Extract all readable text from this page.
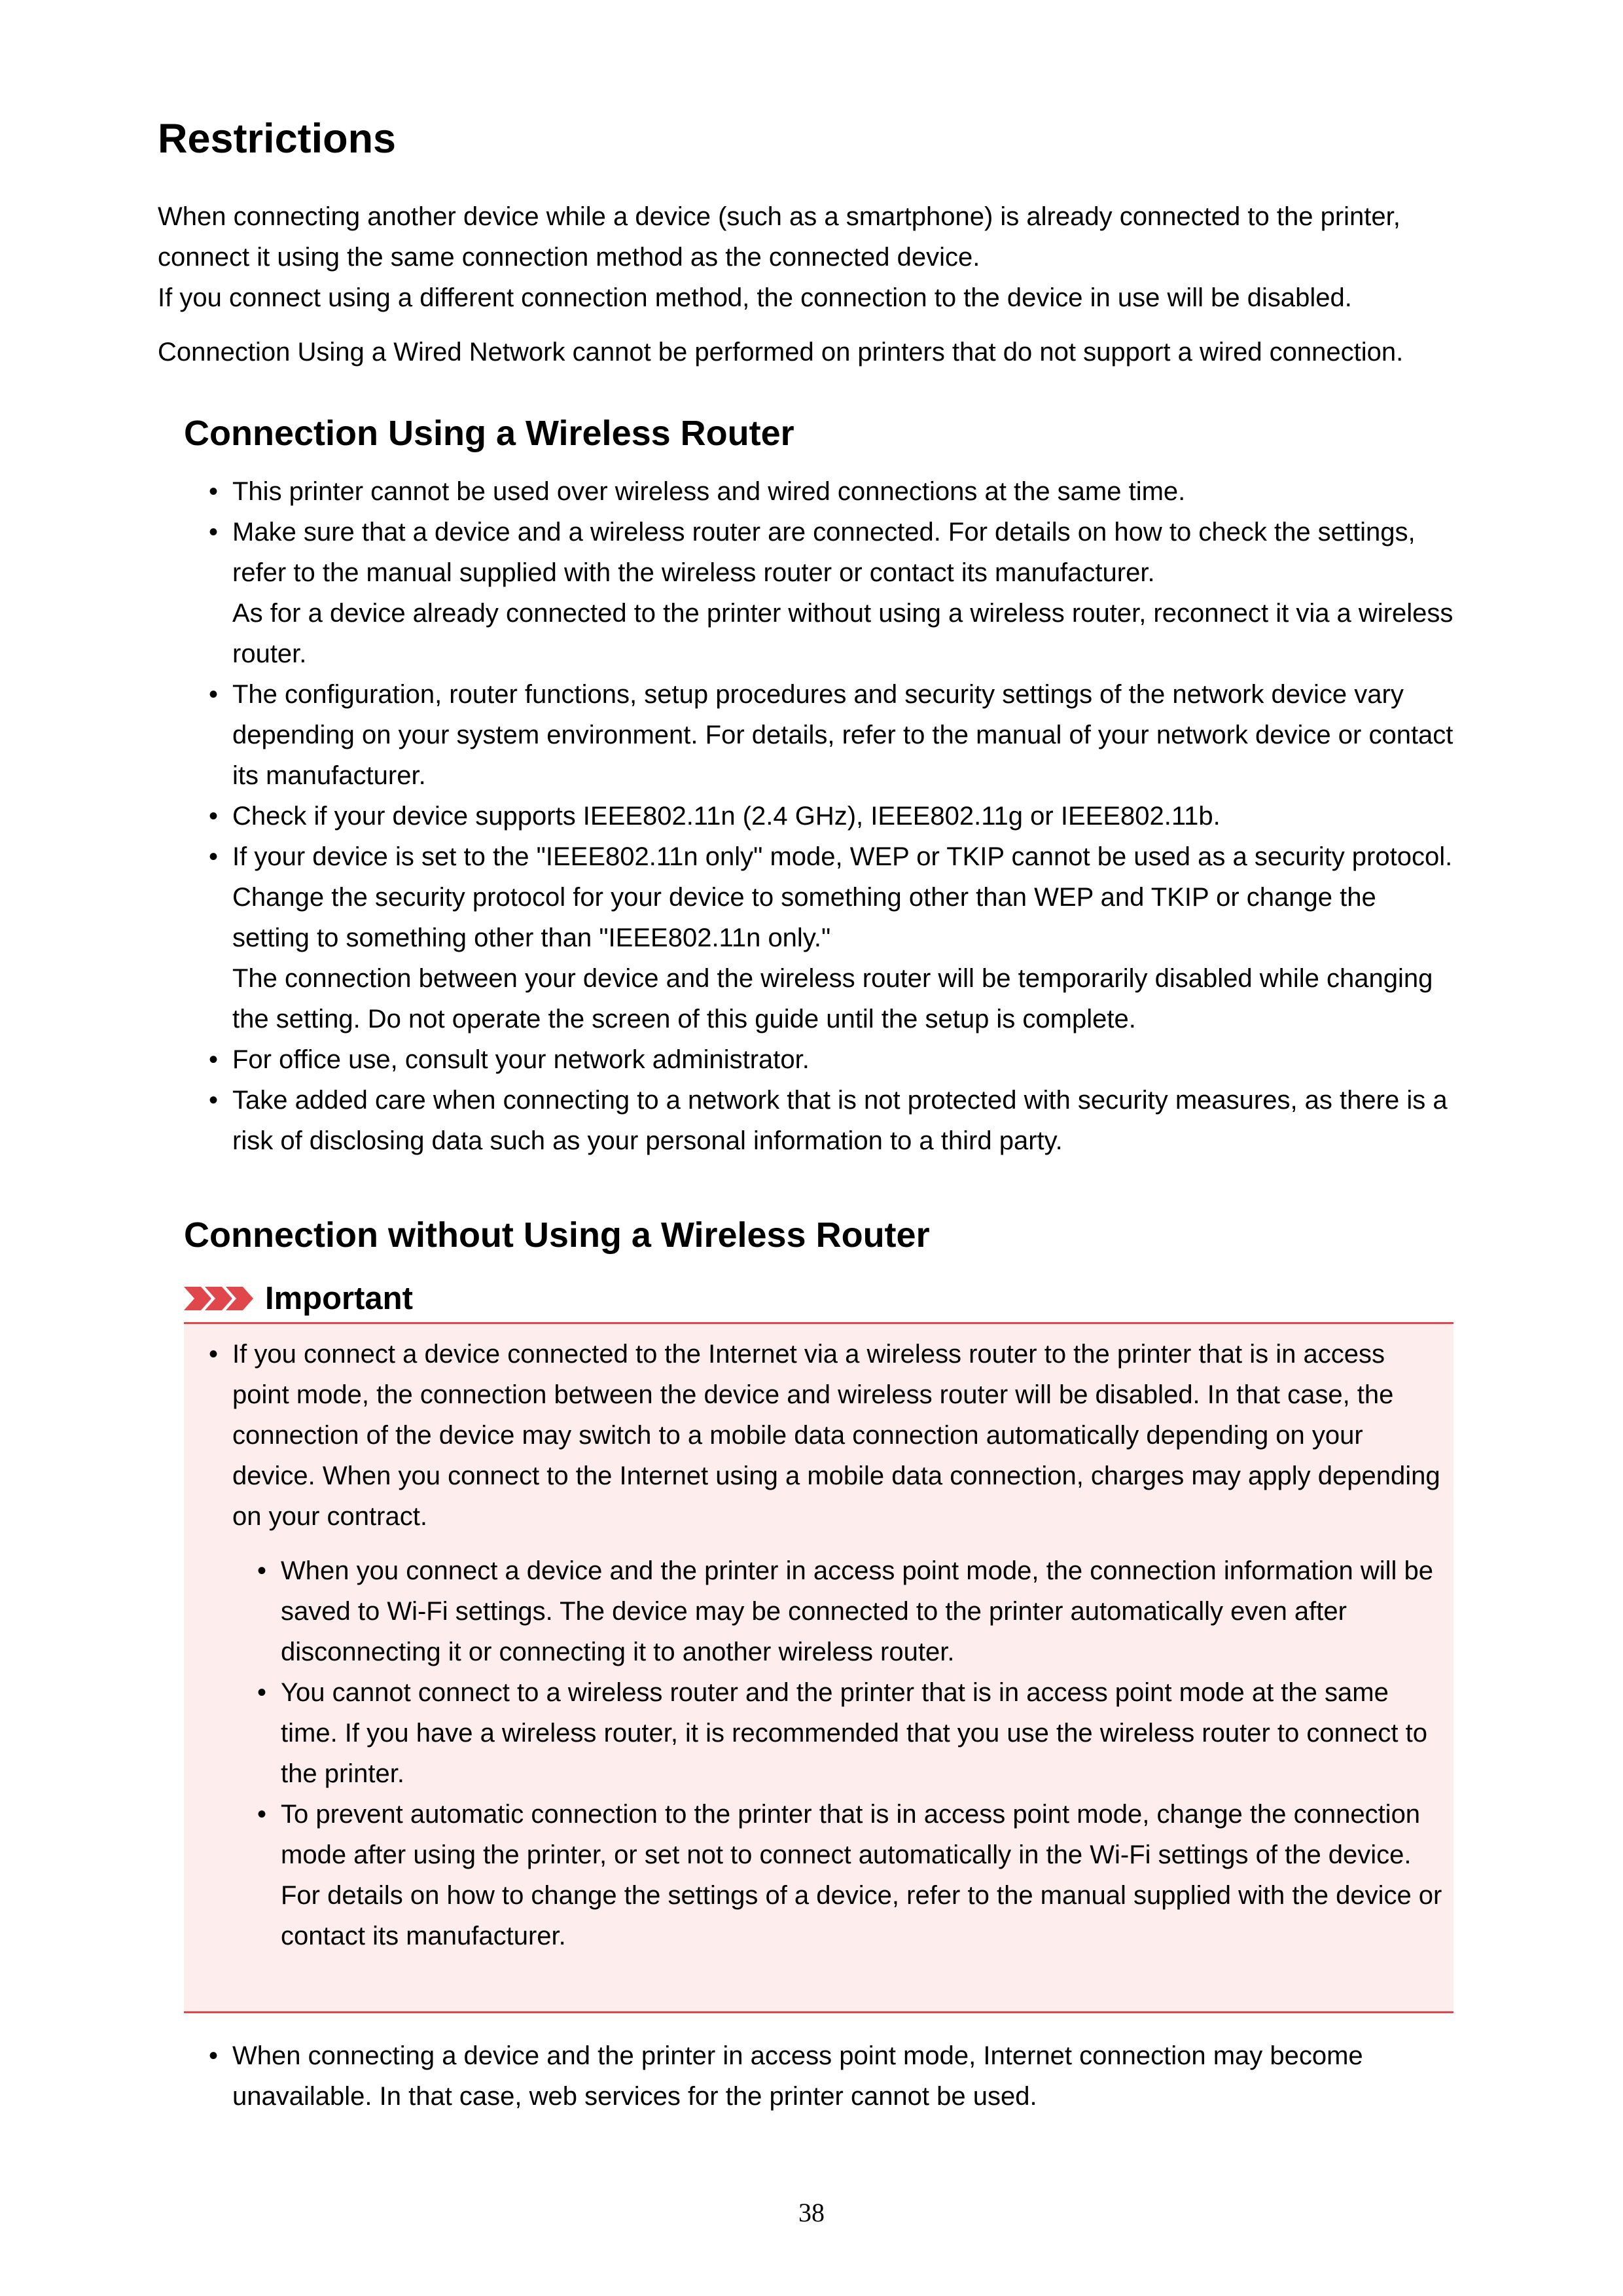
Restrictions

When connecting another device while a device (such as a smartphone) is already connected to the printer, connect it using the same connection method as the connected device.

If you connect using a different connection method, the connection to the device in use will be disabled.

Connection Using a Wired Network cannot be performed on printers that do not support a wired connection.

Connection Using a Wireless Router
• This printer cannot be used over wireless and wired connections at the same time.
• Make sure that a device and a wireless router are connected. For details on how to check the settings, refer to the manual supplied with the wireless router or contact its manufacturer.
As for a device already connected to the printer without using a wireless router, reconnect it via a wireless router.
• The configuration, router functions, setup procedures and security settings of the network device vary depending on your system environment. For details, refer to the manual of your network device or contact its manufacturer.
• Check if your device supports IEEE802.11n (2.4 GHz), IEEE802.11g or IEEE802.11b.
• If your device is set to the "IEEE802.11n only" mode, WEP or TKIP cannot be used as a security protocol. Change the security protocol for your device to something other than WEP and TKIP or change the setting to something other than "IEEE802.11n only."
The connection between your device and the wireless router will be temporarily disabled while changing the setting. Do not operate the screen of this guide until the setup is complete.
• For office use, consult your network administrator.
• Take added care when connecting to a network that is not protected with security measures, as there is a risk of disclosing data such as your personal information to a third party.
Connection without Using a Wireless Router
Important
• If you connect a device connected to the Internet via a wireless router to the printer that is in access point mode, the connection between the device and wireless router will be disabled. In that case, the connection of the device may switch to a mobile data connection automatically depending on your device. When you connect to the Internet using a mobile data connection, charges may apply depending on your contract.
• When you connect a device and the printer in access point mode, the connection information will be saved to Wi-Fi settings. The device may be connected to the printer automatically even after disconnecting it or connecting it to another wireless router.
• You cannot connect to a wireless router and the printer that is in access point mode at the same time. If you have a wireless router, it is recommended that you use the wireless router to connect to the printer.
• To prevent automatic connection to the printer that is in access point mode, change the connection mode after using the printer, or set not to connect automatically in the Wi-Fi settings of the device.
For details on how to change the settings of a device, refer to the manual supplied with the device or contact its manufacturer.
• When connecting a device and the printer in access point mode, Internet connection may become unavailable. In that case, web services for the printer cannot be used.
38
